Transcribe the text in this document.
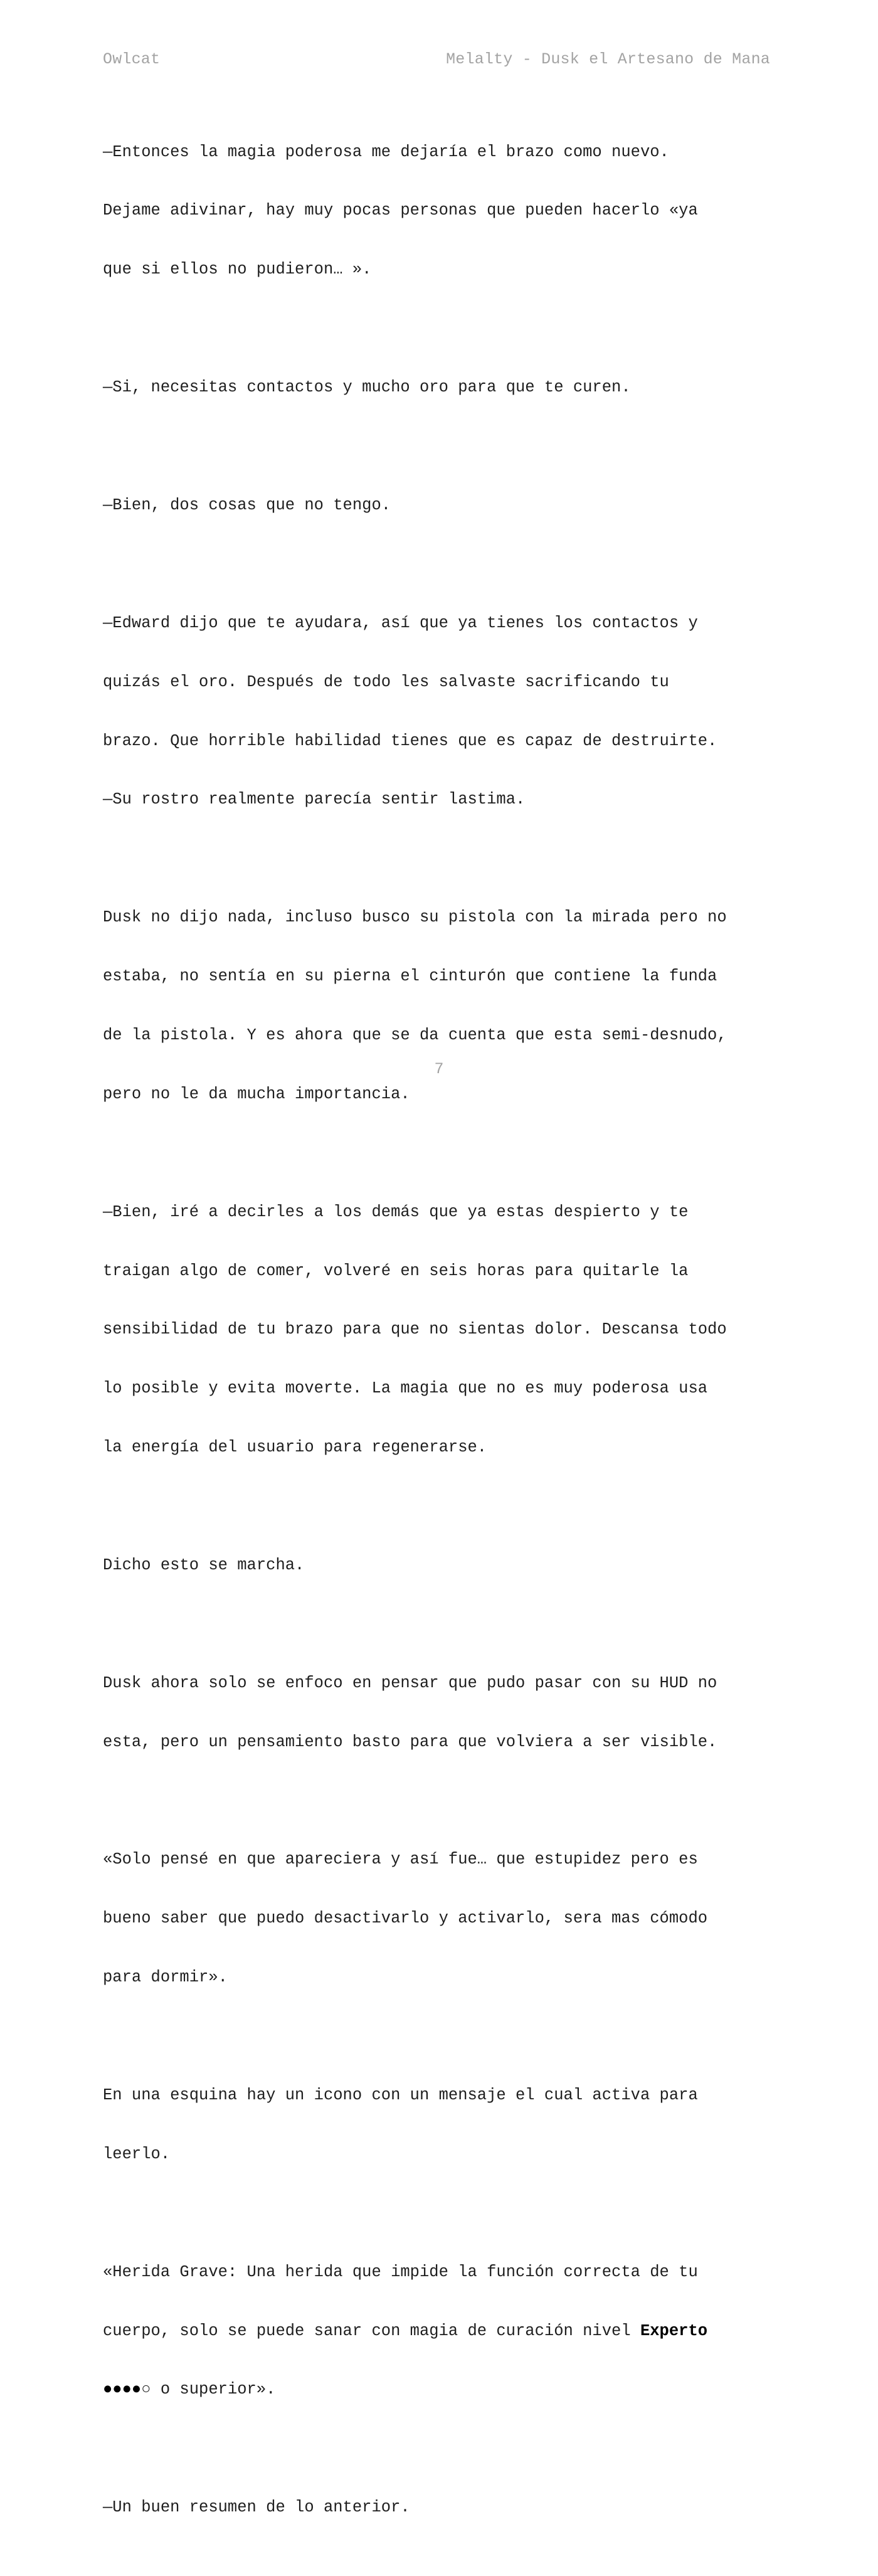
Owlcat	Melalty - Dusk el Artesano de Mana

—Entonces la magia poderosa me dejaría el brazo como nuevo.

Dejame adivinar, hay muy pocas personas que pueden hacerlo «ya

que si ellos no pudieron… ».

—Si, necesitas contactos y mucho oro para que te curen.

—Bien, dos cosas que no tengo.

—Edward dijo que te ayudara, así que ya tienes los contactos y

quizás el oro. Después de todo les salvaste sacrificando tu

brazo. Que horrible habilidad tienes que es capaz de destruirte.

—Su rostro realmente parecía sentir lastima.

Dusk no dijo nada, incluso busco su pistola con la mirada pero no

estaba, no sentía en su pierna el cinturón que contiene la funda

de la pistola. Y es ahora que se da cuenta que esta semi-desnudo,

pero no le da mucha importancia.

—Bien, iré a decirles a los demás que ya estas despierto y te

traigan algo de comer, volveré en seis horas para quitarle la

sensibilidad de tu brazo para que no sientas dolor. Descansa todo

lo posible y evita moverte. La magia que no es muy poderosa usa

la energía del usuario para regenerarse.

Dicho esto se marcha.

Dusk ahora solo se enfoco en pensar que pudo pasar con su HUD no

esta, pero un pensamiento basto para que volviera a ser visible.

«Solo pensé en que apareciera y así fue… que estupidez pero es

bueno saber que puedo desactivarlo y activarlo, sera mas cómodo

para dormir».

En una esquina hay un icono con un mensaje el cual activa para

leerlo.

«Herida Grave: Una herida que impide la función correcta de tu

cuerpo, solo se puede sanar con magia de curación nivel Experto

●●●●○ o superior».

—Un buen resumen de lo anterior.

7
